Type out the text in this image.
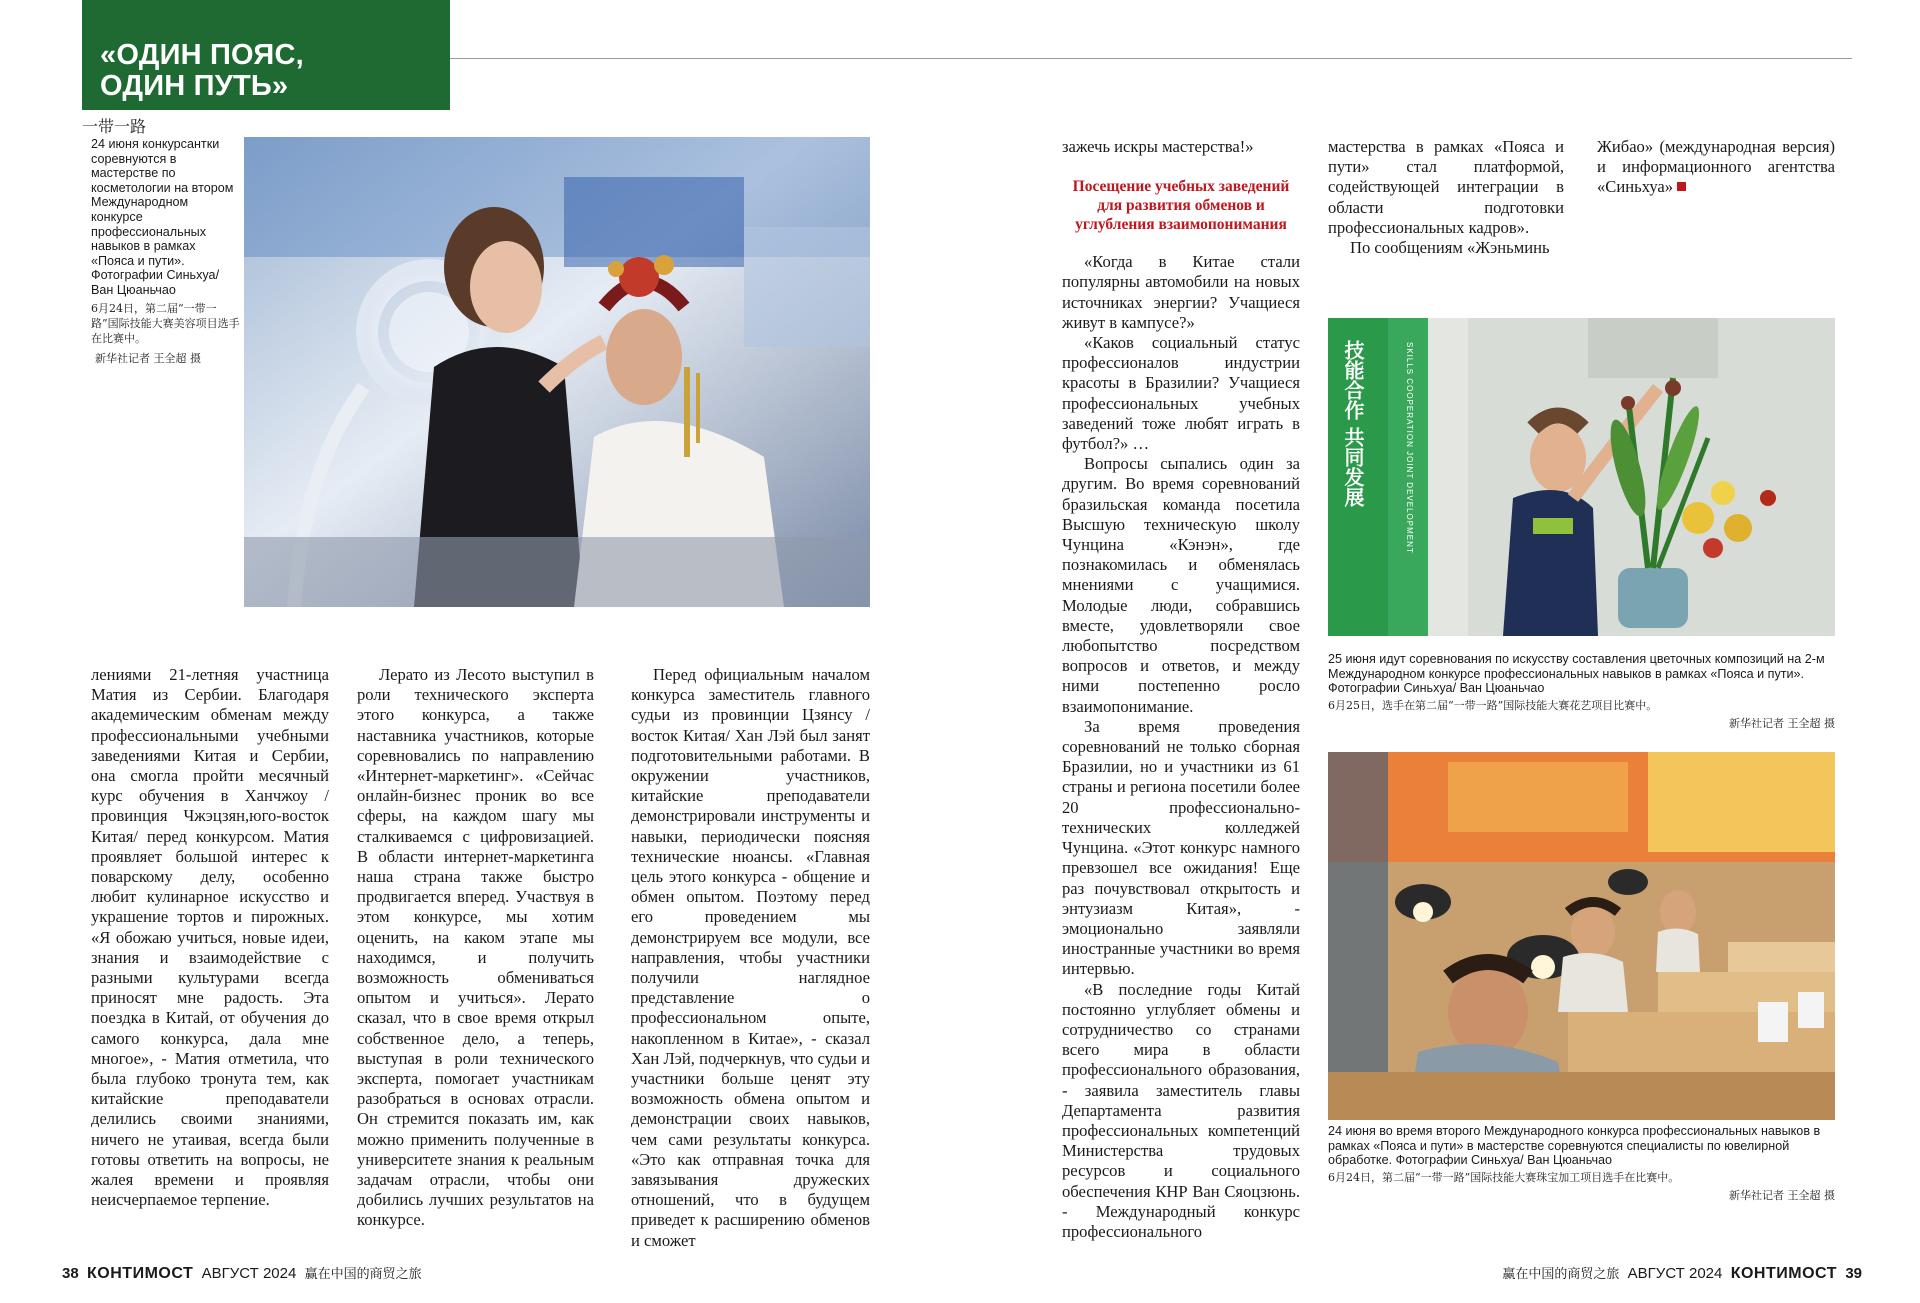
«ОДИН ПОЯС,
ОДИН ПУТЬ»
一带一路
24 июня конкурсантки соревнуются в мастерстве по косметологии на втором Международном конкурсе профессиональных навыков в рамках «Пояса и пути». Фотографии Синьхуа/ Ван Цюаньчао
6月24日，第二届“一带一路”国际技能大赛美容项目选手在比赛中。
新华社记者 王全超 摄

лениями 21-летняя участница Матия из Сербии. Благодаря академическим обменам между профессиональными учебными заведениями Китая и Сербии, она смогла пройти месячный курс обучения в Ханчжоу /провинция Чжэцзян,юго-восток Китая/ перед конкурсом. Матия проявляет большой интерес к поварскому делу, особенно любит кулинарное искусство и украшение тортов и пирожных. «Я обожаю учиться, новые идеи, знания и взаимодействие с разными культурами всегда приносят мне радость. Эта поездка в Китай, от обучения до самого конкурса, дала мне многое», - Матия отметила, что была глубоко тронута тем, как китайские преподаватели делились своими знаниями, ничего не утаивая, всегда были готовы ответить на вопросы, не жалея времени и проявляя неисчерпаемое терпение.

Лерато из Лесото выступил в роли технического эксперта этого конкурса, а также наставника участников, которые соревновались по направлению «Интернет-маркетинг». «Сейчас онлайн-бизнес проник во все сферы, на каждом шагу мы сталкиваемся с цифровизацией. В области интернет-маркетинга наша страна также быстро продвигается вперед. Участвуя в этом конкурсе, мы хотим оценить, на каком этапе мы находимся, и получить возможность обмениваться опытом и учиться». Лерато сказал, что в свое время открыл собственное дело, а теперь, выступая в роли технического эксперта, помогает участникам разобраться в основах отрасли. Он стремится показать им, как можно применить полученные в университете знания к реальным задачам отрасли, чтобы они добились лучших результатов на конкурсе.

Перед официальным началом конкурса заместитель главного судьи из провинции Цзянсу / восток Китая/ Хан Лэй был занят подготовительными работами. В окружении участников, китайские преподаватели демонстрировали инструменты и навыки, периодически поясняя технические нюансы. «Главная цель этого конкурса - общение и обмен опытом. Поэтому перед его проведением мы демонстрируем все модули, все направления, чтобы участники получили наглядное представление о профессиональном опыте, накопленном в Китае», - сказал Хан Лэй, подчеркнув, что судьи и участники больше ценят эту возможность обмена опытом и демонстрации своих навыков, чем сами результаты конкурса. «Это как отправная точка для завязывания дружеских отношений, что в будущем приведет к расширению обменов и сможет

зажечь искры мастерства!»

Посещение учебных заведений для развития обменов и углубления взаимопонимания

«Когда в Китае стали популярны автомобили на новых источниках энергии? Учащиеся живут в кампусе?»

«Каков социальный статус профессионалов индустрии красоты в Бразилии? Учащиеся профессиональных учебных заведений тоже любят играть в футбол?» …

Вопросы сыпались один за другим. Во время соревнований бразильская команда посетила Высшую техническую школу Чунцина «Кэнэн», где познакомилась и обменялась мнениями с учащимися. Молодые люди, собравшись вместе, удовлетворяли свое любопытство посредством вопросов и ответов, и между ними постепенно росло взаимопонимание.

За время проведения соревнований не только сборная Бразилии, но и участники из 61 страны и региона посетили более 20 профессионально-технических колледжей Чунцина. «Этот конкурс намного превзошел все ожидания! Еще раз почувствовал открытость и энтузиазм Китая», - эмоционально заявляли иностранные участники во время интервью.

«В последние годы Китай постоянно углубляет обмены и сотрудничество со странами всего мира в области профессионального образования, - заявила заместитель главы Департамента развития профессиональных компетенций Министерства трудовых ресурсов и социального обеспечения КНР Ван Сяоцзюнь. - Международный конкурс профессионального

мастерства в рамках «Пояса и пути» стал платформой, содействующей интеграции в области подготовки профессиональных кадров».

По сообщениям «Жэньминь

Жибао» (международная версия) и информационного агентства «Синьхуа»

技能合作 共同发展	SKILLS COOPERATION JOINT DEVELOPMENT
25 июня идут соревнования по искусству составления цветочных композиций на 2-м Международном конкурсе профессиональных навыков в рамках «Пояса и пути». Фотографии Синьхуа/ Ван Цюаньчао
6月25日，选手在第二届“一带一路”国际技能大赛花艺项目比赛中。
新华社记者 王全超 摄
24 июня во время второго Международного конкурса профессиональных навыков в рамках «Пояса и пути» в мастерстве соревнуются специалисты по ювелирной обработке. Фотографии Синьхуа/ Ван Цюаньчао
6月24日，第二届“一带一路”国际技能大赛珠宝加工项目选手在比赛中。
新华社记者 王全超 摄
38 КОНТИМОСТ АВГУСТ 2024 赢在中国的商贸之旅	赢在中国的商贸之旅 АВГУСТ 2024 КОНТИМОСТ 39
